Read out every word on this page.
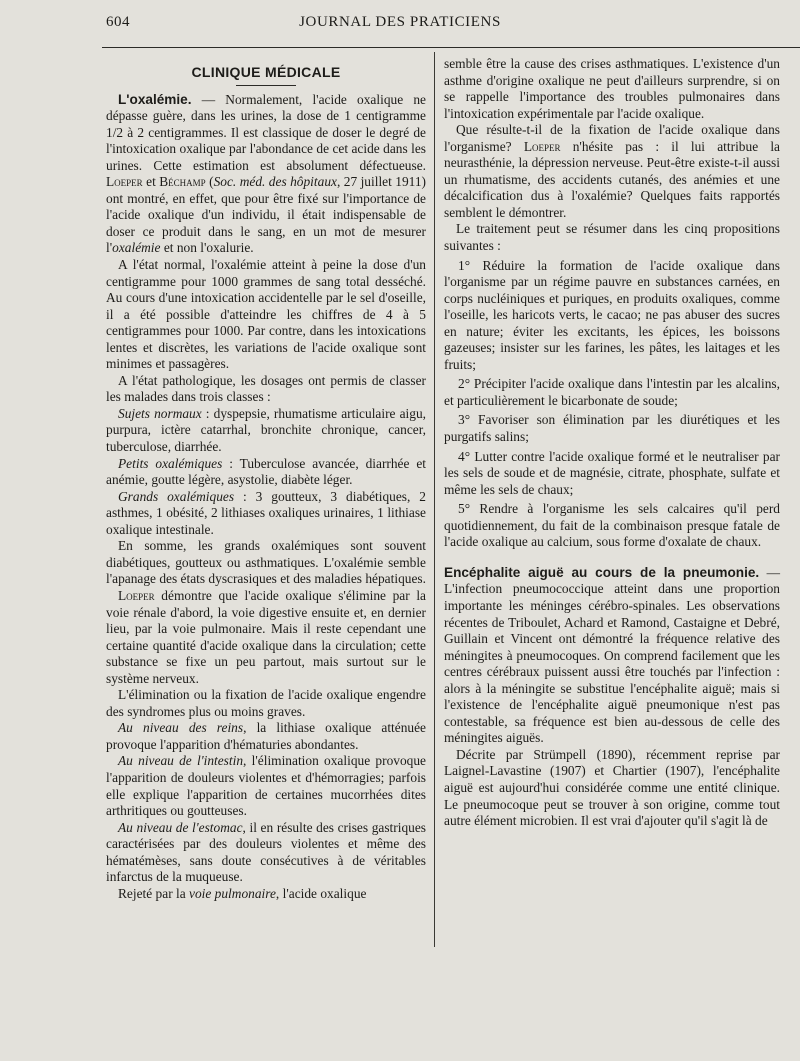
604	JOURNAL DES PRATICIENS
CLINIQUE MÉDICALE

L'oxalémie. — Normalement, l'acide oxalique ne dépasse guère, dans les urines, la dose de 1 centigramme 1/2 à 2 centigrammes. Il est classique de doser le degré de l'intoxication oxalique par l'abondance de cet acide dans les urines. Cette estimation est absolument défectueuse. Loeper et Béchamp (Soc. méd. des hôpitaux, 27 juillet 1911) ont montré, en effet, que pour être fixé sur l'importance de l'acide oxalique d'un individu, il était indispensable de doser ce produit dans le sang, en un mot de mesurer l'oxalémie et non l'oxalurie.

A l'état normal, l'oxalémie atteint à peine la dose d'un centigramme pour 1000 grammes de sang total desséché. Au cours d'une intoxication accidentelle par le sel d'oseille, il a été possible d'atteindre les chiffres de 4 à 5 centigrammes pour 1000. Par contre, dans les intoxications lentes et discrètes, les variations de l'acide oxalique sont minimes et passagères.

A l'état pathologique, les dosages ont permis de classer les malades dans trois classes :

Sujets normaux : dyspepsie, rhumatisme articulaire aigu, purpura, ictère catarrhal, bronchite chronique, cancer, tuberculose, diarrhée.

Petits oxalémiques : Tuberculose avancée, diarrhée et anémie, goutte légère, asystolie, diabète léger.

Grands oxalémiques : 3 goutteux, 3 diabétiques, 2 asthmes, 1 obésité, 2 lithiases oxaliques urinaires, 1 lithiase oxalique intestinale.

En somme, les grands oxalémiques sont souvent diabétiques, goutteux ou asthmatiques. L'oxalémie semble l'apanage des états dyscrasiques et des maladies hépatiques.

Loeper démontre que l'acide oxalique s'élimine par la voie rénale d'abord, la voie digestive ensuite et, en dernier lieu, par la voie pulmonaire. Mais il reste cependant une certaine quantité d'acide oxalique dans la circulation; cette substance se fixe un peu partout, mais surtout sur le système nerveux.

L'élimination ou la fixation de l'acide oxalique engendre des syndromes plus ou moins graves.

Au niveau des reins, la lithiase oxalique atténuée provoque l'apparition d'hématuries abondantes.

Au niveau de l'intestin, l'élimination oxalique provoque l'apparition de douleurs violentes et d'hémorragies; parfois elle explique l'apparition de certaines mucorrhées dites arthritiques ou goutteuses.

Au niveau de l'estomac, il en résulte des crises gastriques caractérisées par des douleurs violentes et même des hématémèses, sans doute consécutives à de véritables infarctus de la muqueuse.

Rejeté par la voie pulmonaire, l'acide oxalique

semble être la cause des crises asthmatiques. L'existence d'un asthme d'origine oxalique ne peut d'ailleurs surprendre, si on se rappelle l'importance des troubles pulmonaires dans l'intoxication expérimentale par l'acide oxalique.

Que résulte-t-il de la fixation de l'acide oxalique dans l'organisme? Loeper n'hésite pas : il lui attribue la neurasthénie, la dépression nerveuse. Peut-être existe-t-il aussi un rhumatisme, des accidents cutanés, des anémies et une décalcification dus à l'oxalémie? Quelques faits rapportés semblent le démontrer.

Le traitement peut se résumer dans les cinq propositions suivantes :

1° Réduire la formation de l'acide oxalique dans l'organisme par un régime pauvre en substances carnées, en corps nucléiniques et puriques, en produits oxaliques, comme l'oseille, les haricots verts, le cacao; ne pas abuser des sucres en nature; éviter les excitants, les épices, les boissons gazeuses; insister sur les farines, les pâtes, les laitages et les fruits;

2° Précipiter l'acide oxalique dans l'intestin par les alcalins, et particulièrement le bicarbonate de soude;

3° Favoriser son élimination par les diurétiques et les purgatifs salins;

4° Lutter contre l'acide oxalique formé et le neutraliser par les sels de soude et de magnésie, citrate, phosphate, sulfate et même les sels de chaux;

5° Rendre à l'organisme les sels calcaires qu'il perd quotidiennement, du fait de la combinaison presque fatale de l'acide oxalique au calcium, sous forme d'oxalate de chaux.

Encéphalite aiguë au cours de la pneumonie. — L'infection pneumococcique atteint dans une proportion importante les méninges cérébro-spinales. Les observations récentes de Triboulet, Achard et Ramond, Castaigne et Debré, Guillain et Vincent ont démontré la fréquence relative des méningites à pneumocoques. On comprend facilement que les centres cérébraux puissent aussi être touchés par l'infection : alors à la méningite se substitue l'encéphalite aiguë; mais si l'existence de l'encéphalite aiguë pneumonique n'est pas contestable, sa fréquence est bien au-dessous de celle des méningites aiguës.

Décrite par Strümpell (1890), récemment reprise par Laignel-Lavastine (1907) et Chartier (1907), l'encéphalite aiguë est aujourd'hui considérée comme une entité clinique. Le pneumocoque peut se trouver à son origine, comme tout autre élément microbien. Il est vrai d'ajouter qu'il s'agit là de
